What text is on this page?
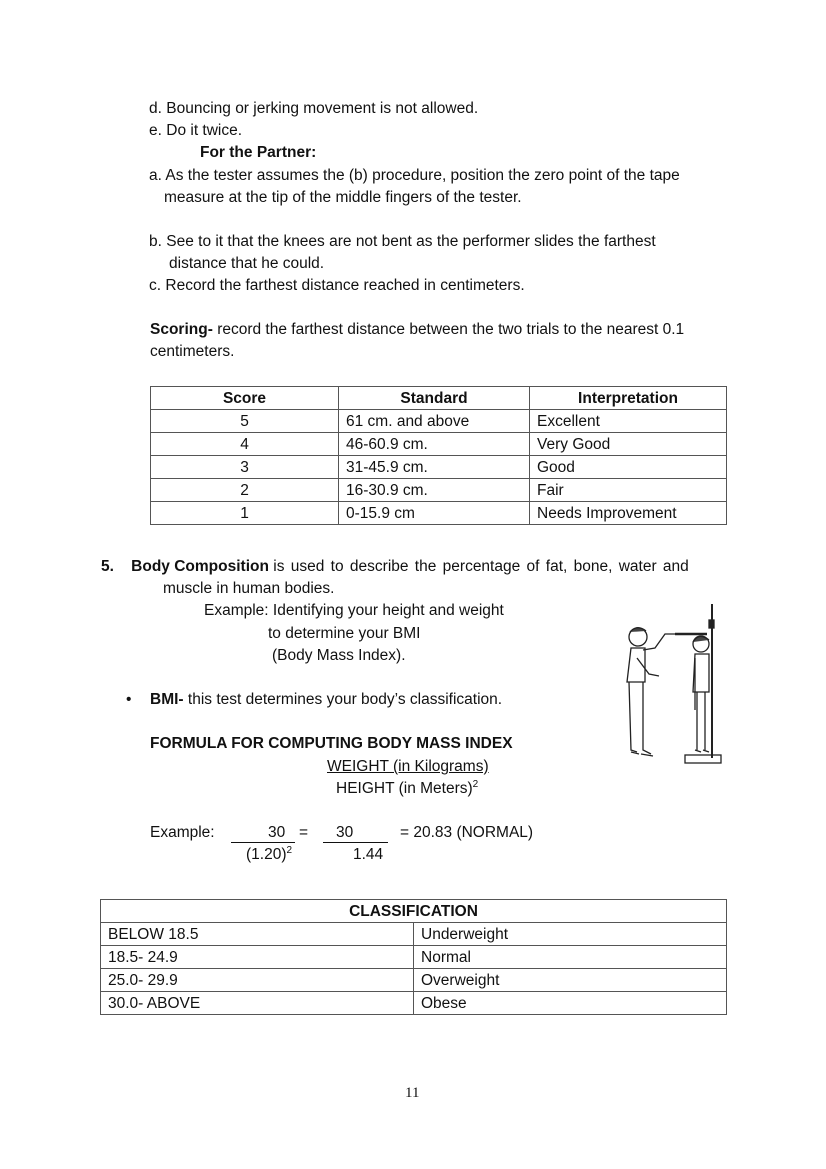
d. Bouncing or jerking movement is not allowed.
e. Do it twice.
For the Partner:
a. As the tester assumes the (b) procedure, position the zero point of the tape
measure at the tip of the middle fingers of the tester.
b. See to it that the knees are not bent as the performer slides the farthest
distance that he could.
c. Record the farthest distance reached in centimeters.
Scoring- record the farthest distance between the two trials to the nearest 0.1
centimeters.
Score	Standard	Interpretation
5	61 cm. and above	Excellent
4	46-60.9 cm.	Very Good
3	31-45.9 cm.	Good
2	16-30.9 cm.	Fair
1	0-15.9 cm	Needs Improvement
5. Body Composition is used to describe the percentage of fat, bone, water and
muscle in human bodies.
Example: Identifying your height and weight
to determine your BMI
(Body Mass Index).
• BMI- this test determines your body’s classification.
FORMULA FOR COMPUTING BODY MASS INDEX
WEIGHT (in Kilograms)
HEIGHT (in Meters)$^2$
Example:	30 = 30	= 20.83 (NORMAL)
$(1.20)^2$	1.44
CLASSIFICATION	
BELOW 18.5	Underweight
18.5- 24.9	Normal
25.0- 29.9	Overweight
30.0- ABOVE	Obese
11
